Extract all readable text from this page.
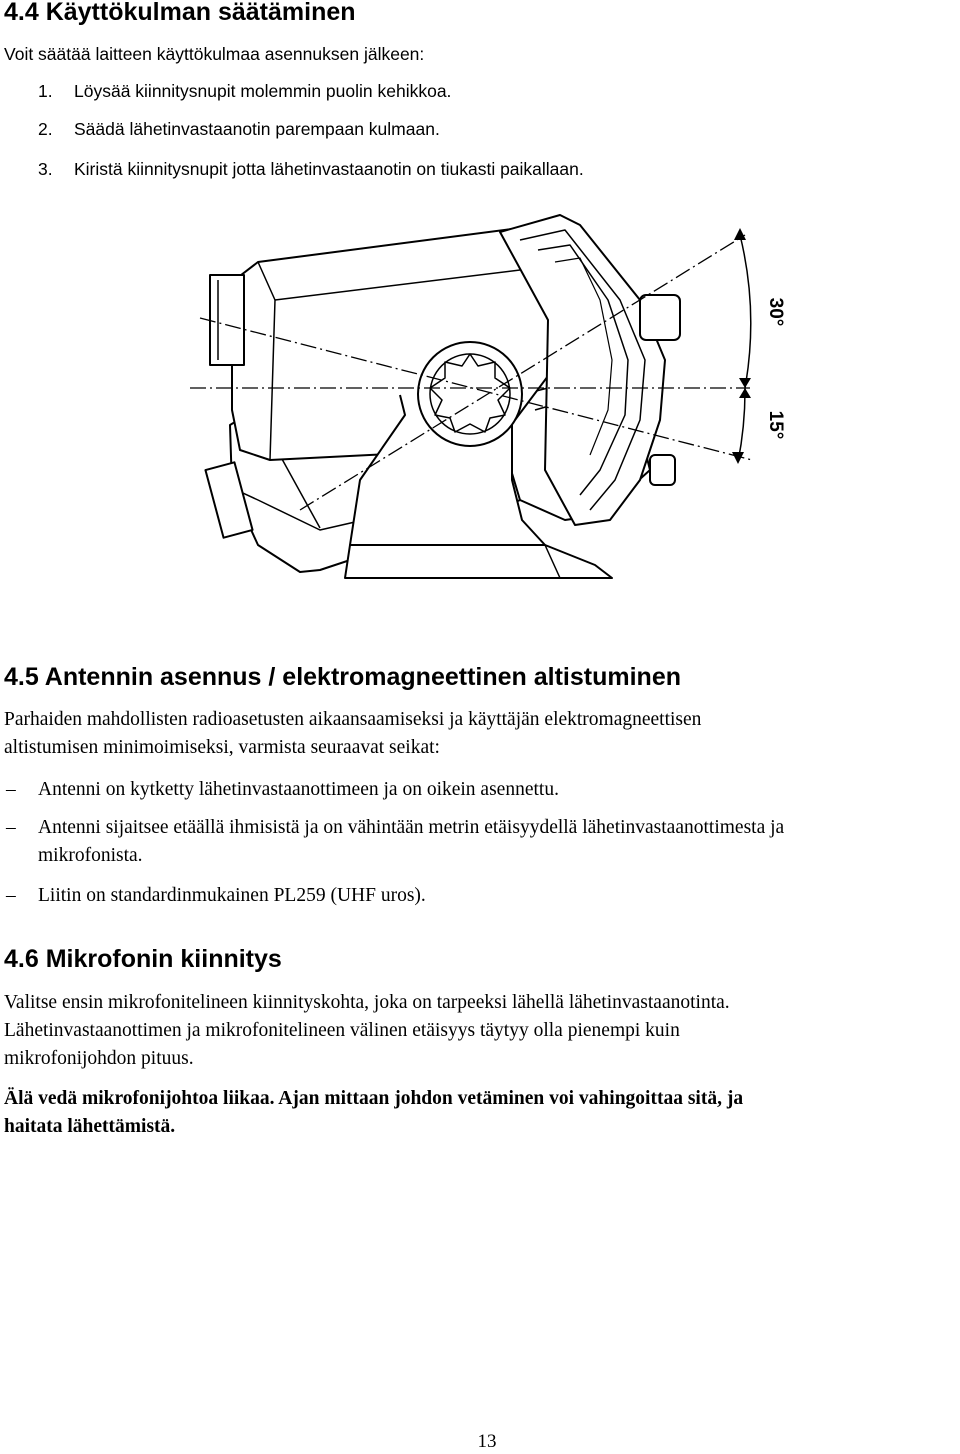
4.4 Käyttökulman säätäminen

Voit säätää laitteen käyttökulmaa asennuksen jälkeen:

1. Löysää kiinnitysnupit molemmin puolin kehikkoa.
2. Säädä lähetinvastaanotin parempaan kulmaan.
3. Kiristä kiinnitysnupit jotta lähetinvastaanotin on tiukasti paikallaan.
30°
15°
4.5 Antennin asennus / elektromagneettinen altistuminen

Parhaiden mahdollisten radioasetusten aikaansaamiseksi ja käyttäjän elektromagneettisen

altistumisen minimoimiseksi, varmista seuraavat seikat:

– Antenni on kytketty lähetinvastaanottimeen ja on oikein asennettu.
– Antenni sijaitsee etäällä ihmisistä ja on vähintään metrin etäisyydellä lähetinvastaanottimesta ja
mikrofonista.
– Liitin on standardinmukainen PL259 (UHF uros).
4.6 Mikrofonin kiinnitys

Valitse ensin mikrofonitelineen kiinnityskohta, joka on tarpeeksi lähellä lähetinvastaanotinta.

Lähetinvastaanottimen ja mikrofonitelineen välinen etäisyys täytyy olla pienempi kuin

mikrofonijohdon pituus.

Älä vedä mikrofonijohtoa liikaa. Ajan mittaan johdon vetäminen voi vahingoittaa sitä, ja

haitata lähettämistä.

13
